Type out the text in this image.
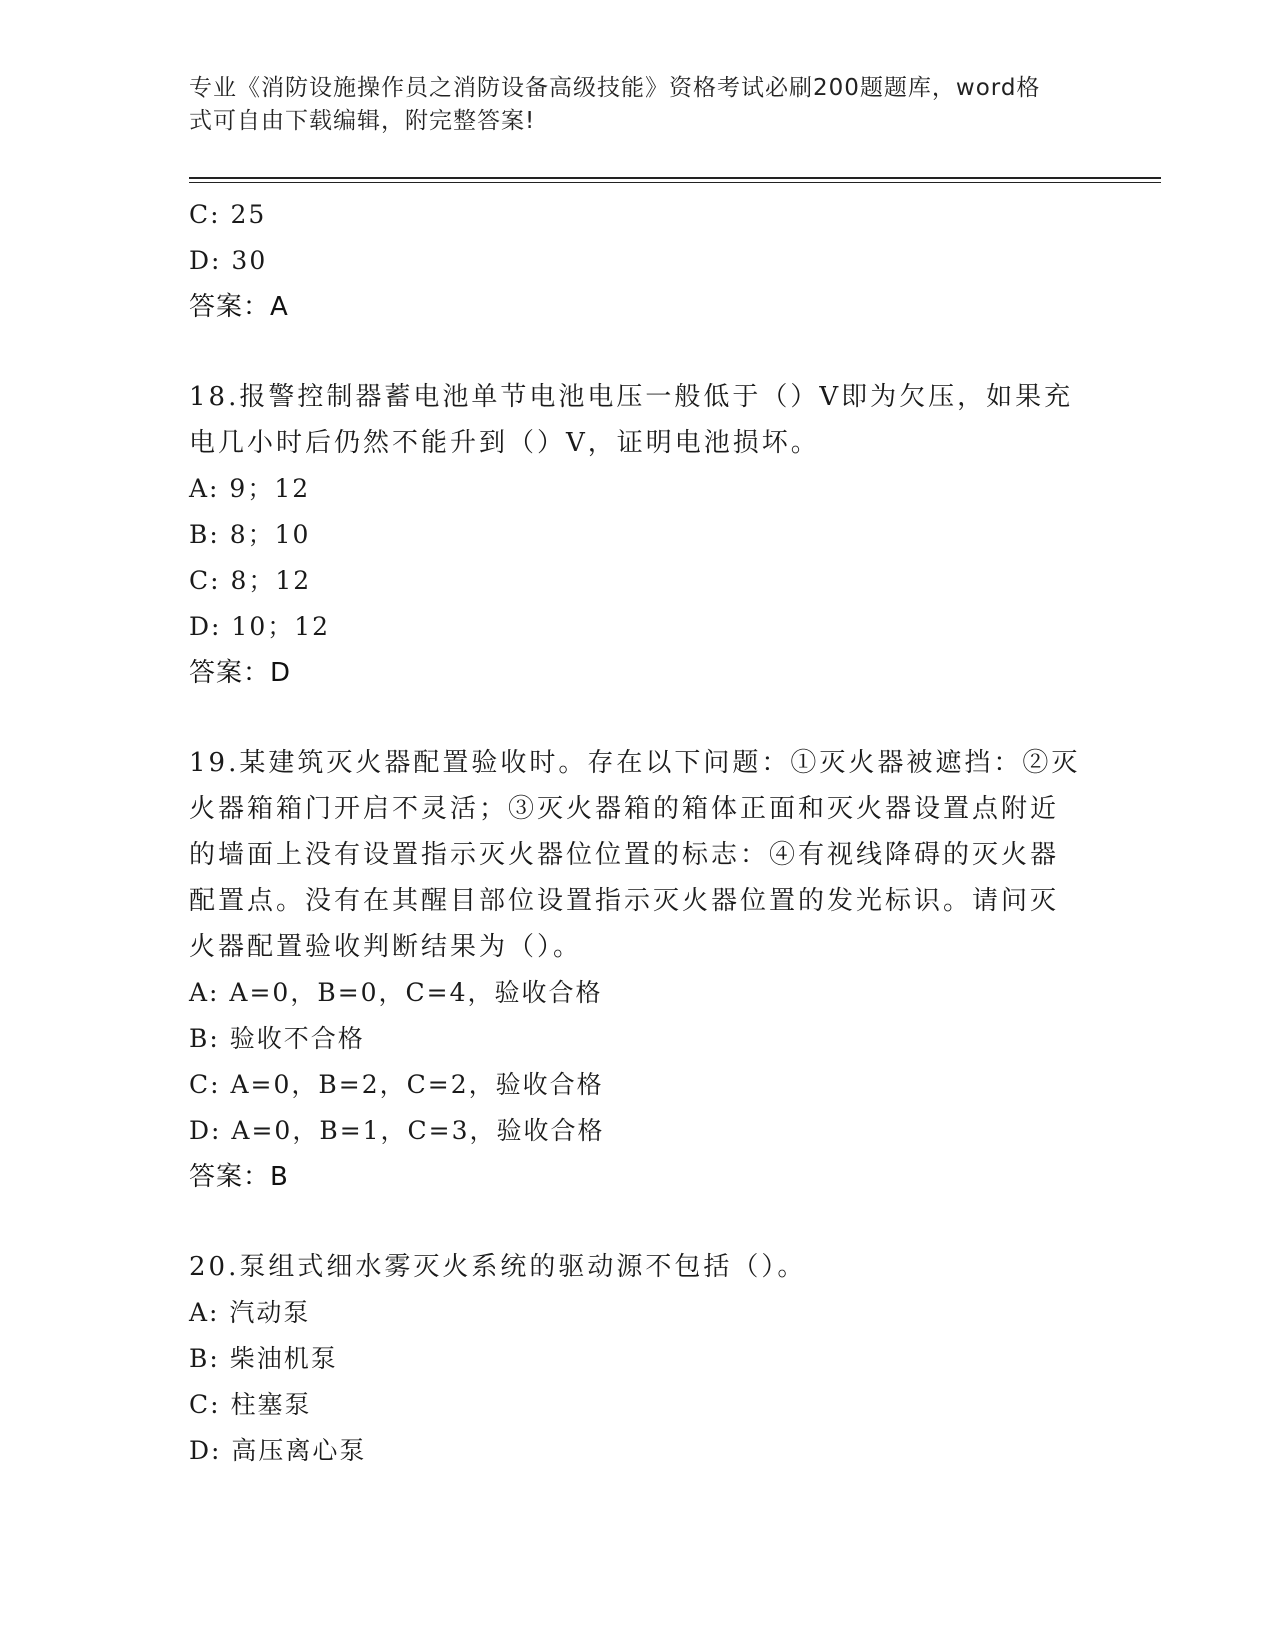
专业《消防设施操作员之消防设备高级技能》资格考试必刷200题题库，word格
式可自由下载编辑，附完整答案!
C: 25
D: 30
答案：A
18.报警控制器蓄电池单节电池电压一般低于（）V即为欠压，如果充
电几小时后仍然不能升到（）V，证明电池损坏。
A: 9；12
B: 8；10
C: 8；12
D: 10；12
答案：D
19.某建筑灭火器配置验收时。存在以下问题：①灭火器被遮挡：②灭
火器箱箱门开启不灵活；③灭火器箱的箱体正面和灭火器设置点附近
的墙面上没有设置指示灭火器位位置的标志：④有视线降碍的灭火器
配置点。没有在其醒目部位设置指示灭火器位置的发光标识。请问灭
火器配置验收判断结果为（）。
A: A=0，B=0，C=4，验收合格
B: 验收不合格
C: A=0，B=2，C=2，验收合格
D: A=0，B=1，C=3，验收合格
答案：B
20.泵组式细水雾灭火系统的驱动源不包括（）。
A: 汽动泵
B: 柴油机泵
C: 柱塞泵
D: 高压离心泵
